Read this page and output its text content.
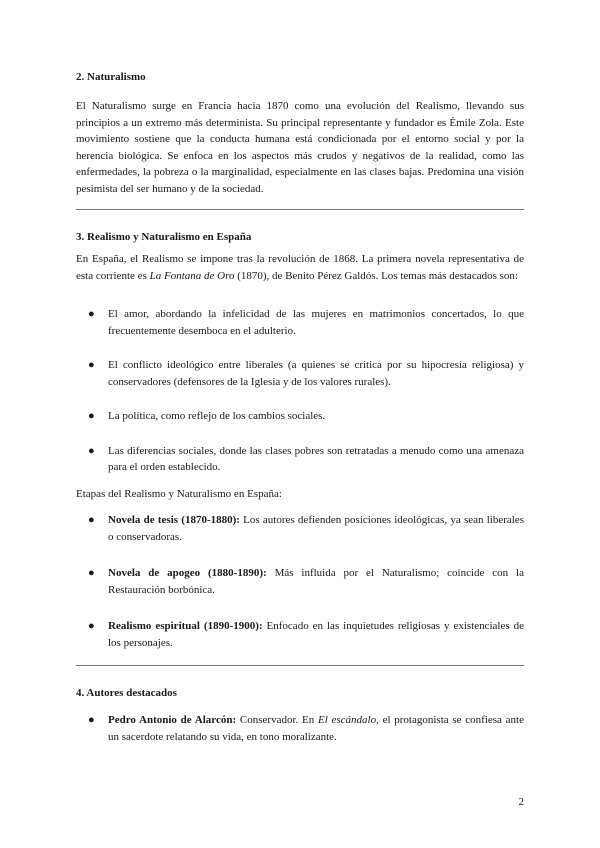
2. Naturalismo

El Naturalismo surge en Francia hacia 1870 como una evolución del Realismo, llevando sus principios a un extremo más determinista. Su principal representante y fundador es Émile Zola. Este movimiento sostiene que la conducta humana está condicionada por el entorno social y por la herencia biológica. Se enfoca en los aspectos más crudos y negativos de la realidad, como las enfermedades, la pobreza o la marginalidad, especialmente en las clases bajas. Predomina una visión pesimista del ser humano y de la sociedad.

3. Realismo y Naturalismo en España

En España, el Realismo se impone tras la revolución de 1868. La primera novela representativa de esta corriente es La Fontana de Oro (1870), de Benito Pérez Galdós. Los temas más destacados son:

● El amor, abordando la infelicidad de las mujeres en matrimonios concertados, lo que frecuentemente desemboca en el adulterio.
● El conflicto ideológico entre liberales (a quienes se critica por su hipocresía religiosa) y conservadores (defensores de la Iglesia y de los valores rurales).
● La política, como reflejo de los cambios sociales.
● Las diferencias sociales, donde las clases pobres son retratadas a menudo como una amenaza para el orden establecido.

Etapas del Realismo y Naturalismo en España:

● Novela de tesis (1870-1880): Los autores defienden posiciones ideológicas, ya sean liberales o conservadoras.
● Novela de apogeo (1880-1890): Más influida por el Naturalismo; coincide con la Restauración borbónica.
● Realismo espiritual (1890-1900): Enfocado en las inquietudes religiosas y existenciales de los personajes.
4. Autores destacados
● Pedro Antonio de Alarcón: Conservador. En El escándalo, el protagonista se confiesa ante un sacerdote relatando su vida, en tono moralizante.
2
